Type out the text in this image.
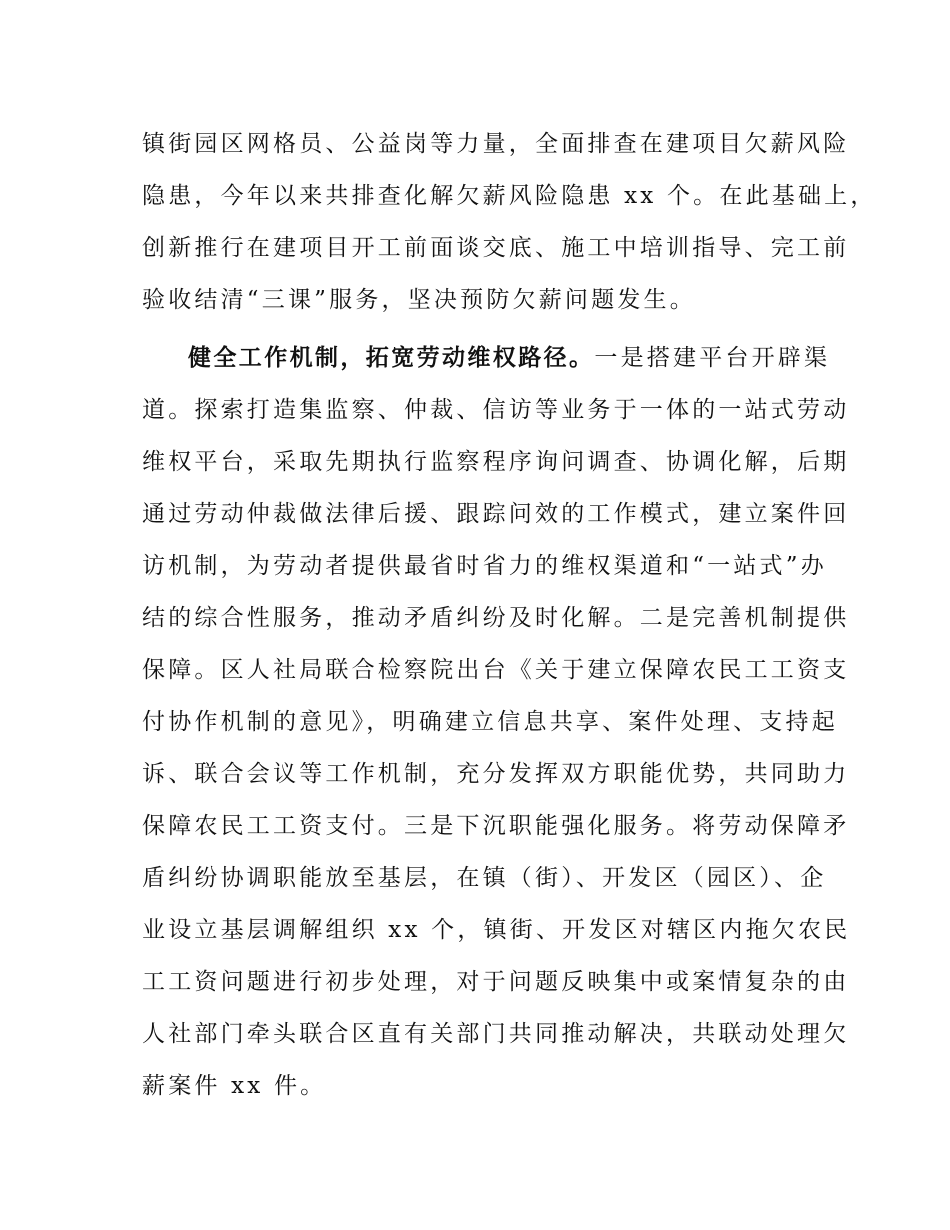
镇街园区网格员、公益岗等力量，全面排查在建项目欠薪风险
隐患，今年以来共排查化解欠薪风险隐患 xx 个。在此基础上，
创新推行在建项目开工前面谈交底、施工中培训指导、完工前
验收结清“三课”服务，坚决预防欠薪问题发生。
健全工作机制，拓宽劳动维权路径。一是搭建平台开辟渠
道。探索打造集监察、仲裁、信访等业务于一体的一站式劳动
维权平台，采取先期执行监察程序询问调查、协调化解，后期
通过劳动仲裁做法律后援、跟踪问效的工作模式，建立案件回
访机制，为劳动者提供最省时省力的维权渠道和“一站式”办
结的综合性服务，推动矛盾纠纷及时化解。二是完善机制提供
保障。区人社局联合检察院出台《关于建立保障农民工工资支
付协作机制的意见》，明确建立信息共享、案件处理、支持起
诉、联合会议等工作机制，充分发挥双方职能优势，共同助力
保障农民工工资支付。三是下沉职能强化服务。将劳动保障矛
盾纠纷协调职能放至基层，在镇（街）、开发区（园区）、企
业设立基层调解组织 xx 个，镇街、开发区对辖区内拖欠农民
工工资问题进行初步处理，对于问题反映集中或案情复杂的由
人社部门牵头联合区直有关部门共同推动解决，共联动处理欠
薪案件 xx 件。
